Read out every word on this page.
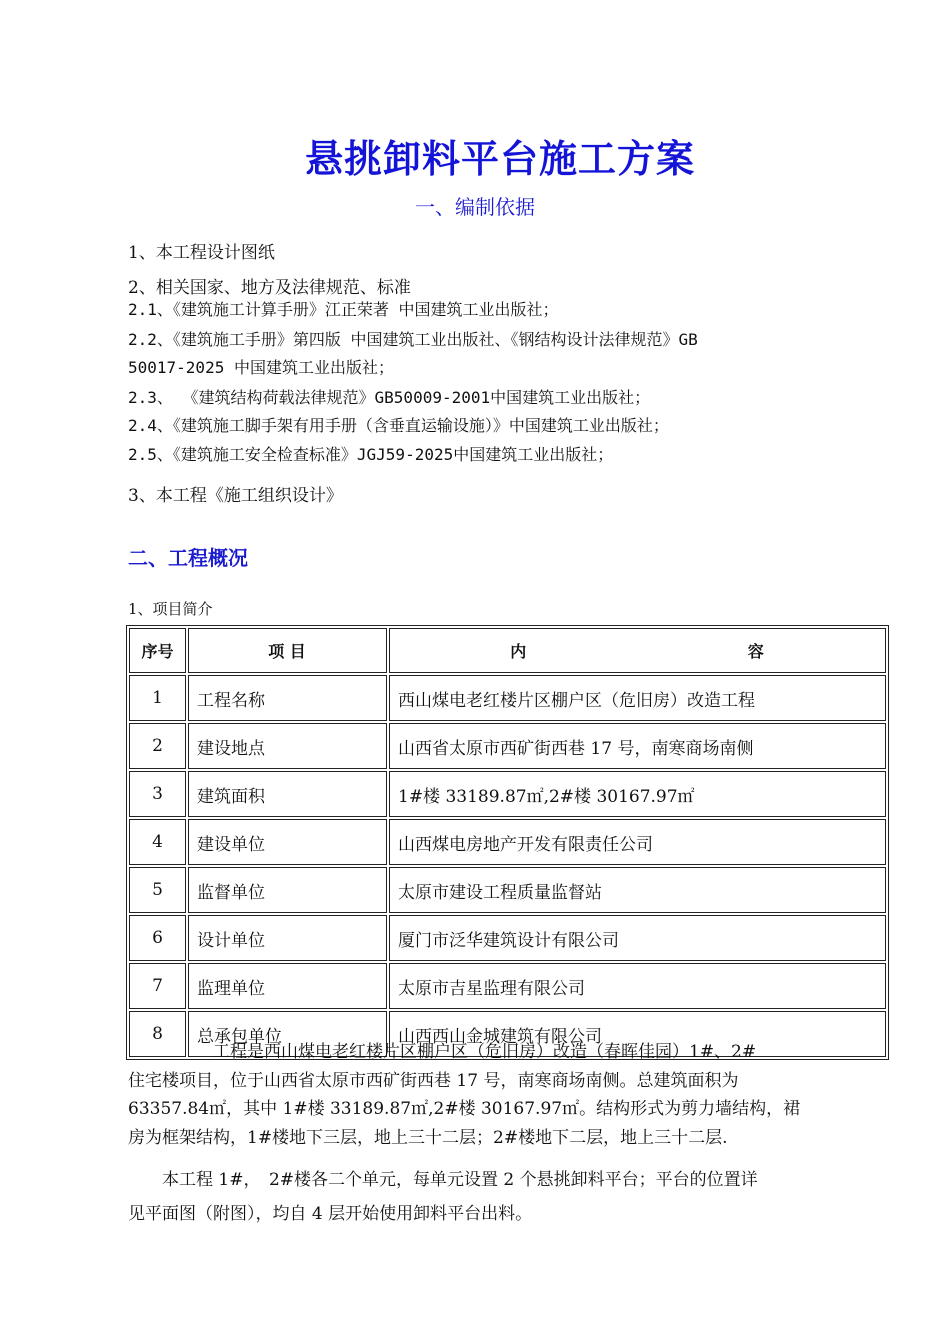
悬挑卸料平台施工方案
一、编制依据
1、本工程设计图纸
2、相关国家、地方及法律规范、标准
2.1、《建筑施工计算手册》江正荣著 中国建筑工业出版社；
2.2、《建筑施工手册》第四版 中国建筑工业出版社、《钢结构设计法律规范》GB
50017-2025 中国建筑工业出版社；
2.3、 《建筑结构荷载法律规范》GB50009-2001中国建筑工业出版社；
2.4、《建筑施工脚手架有用手册（含垂直运输设施）》中国建筑工业出版社；
2.5、《建筑施工安全检查标准》JGJ59-2025中国建筑工业出版社；
3、本工程《施工组织设计》
二、工程概况
1、项目简介
序号	项 目	内 容
1	工程名称	西山煤电老红楼片区棚户区（危旧房）改造工程
2	建设地点	山西省太原市西矿街西巷 17 号，南寒商场南侧
3	建筑面积	1#楼 33189.87㎡,2#楼 30167.97㎡
4	建设单位	山西煤电房地产开发有限责任公司
5	监督单位	太原市建设工程质量监督站
6	设计单位	厦门市泛华建筑设计有限公司
7	监理单位	太原市吉星监理有限公司
8	总承包单位	山西西山金城建筑有限公司
　　　　　工程是西山煤电老红楼片区棚户区（危旧房）改造（春晖佳园）1#、2#
住宅楼项目，位于山西省太原市西矿街西巷 17 号，南寒商场南侧。总建筑面积为
63357.84㎡，其中 1#楼 33189.87㎡,2#楼 30167.97㎡。结构形式为剪力墙结构，裙
房为框架结构，1#楼地下三层，地上三十二层；2#楼地下二层，地上三十二层.
　　本工程 1#，　2#楼各二个单元，每单元设置 2 个悬挑卸料平台；平台的位置详
见平面图（附图），均自 4 层开始使用卸料平台出料。
